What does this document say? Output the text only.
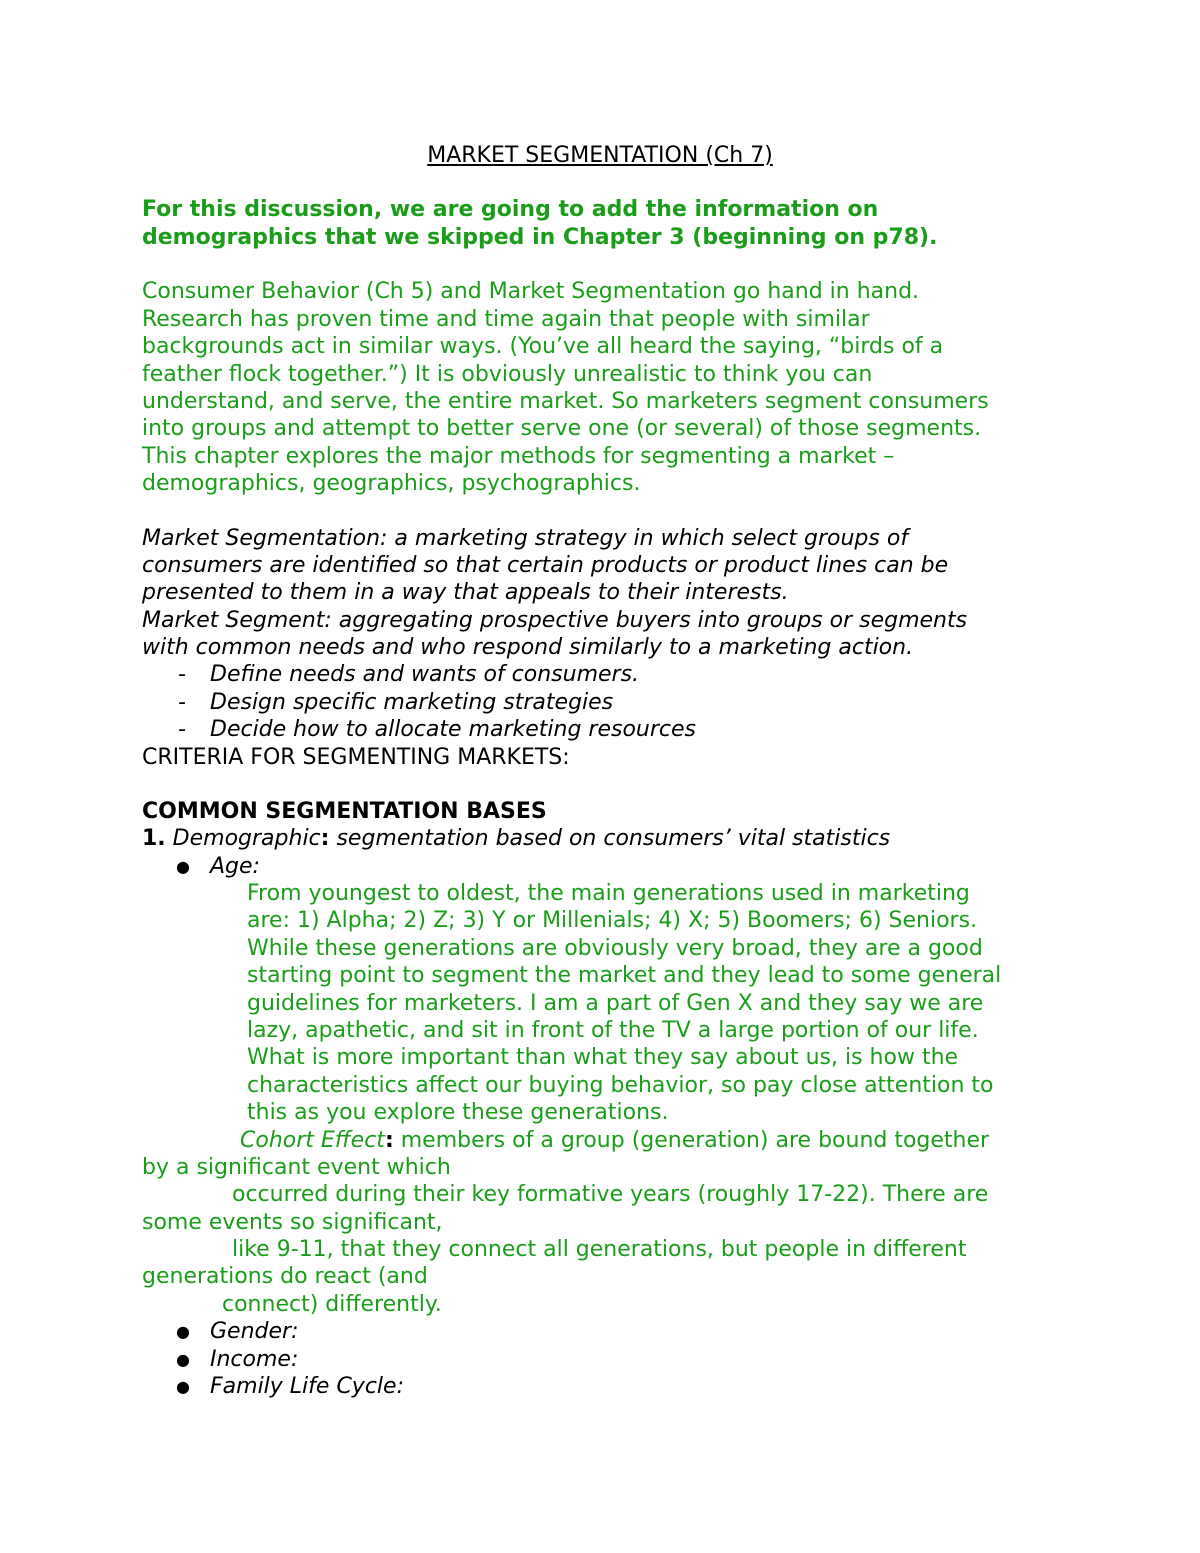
MARKET SEGMENTATION (Ch 7)

For this discussion, we are going to add the information on

demographics that we skipped in Chapter 3 (beginning on p78).

Consumer Behavior (Ch 5) and Market Segmentation go hand in hand.

Research has proven time and time again that people with similar

backgrounds act in similar ways. (You’ve all heard the saying, “birds of a

feather flock together.”) It is obviously unrealistic to think you can

understand, and serve, the entire market. So marketers segment consumers

into groups and attempt to better serve one (or several) of those segments.

This chapter explores the major methods for segmenting a market –

demographics, geographics, psychographics.

Market Segmentation: a marketing strategy in which select groups of

consumers are identified so that certain products or product lines can be

presented to them in a way that appeals to their interests.

Market Segment: aggregating prospective buyers into groups or segments

with common needs and who respond similarly to a marketing action.

- Define needs and wants of consumers.

- Design specific marketing strategies

- Decide how to allocate marketing resources

CRITERIA FOR SEGMENTING MARKETS:

COMMON SEGMENTATION BASES

1. Demographic: segmentation based on consumers’ vital statistics

● Age:

From youngest to oldest, the main generations used in marketing

are: 1) Alpha; 2) Z; 3) Y or Millenials; 4) X; 5) Boomers; 6) Seniors.

While these generations are obviously very broad, they are a good

starting point to segment the market and they lead to some general

guidelines for marketers. I am a part of Gen X and they say we are

lazy, apathetic, and sit in front of the TV a large portion of our life.

What is more important than what they say about us, is how the

characteristics affect our buying behavior, so pay close attention to

this as you explore these generations.

Cohort Effect: members of a group (generation) are bound together

by a significant event which

occurred during their key formative years (roughly 17-22). There are

some events so significant,

like 9-11, that they connect all generations, but people in different

generations do react (and

connect) differently.

● Gender:

● Income:

● Family Life Cycle:
